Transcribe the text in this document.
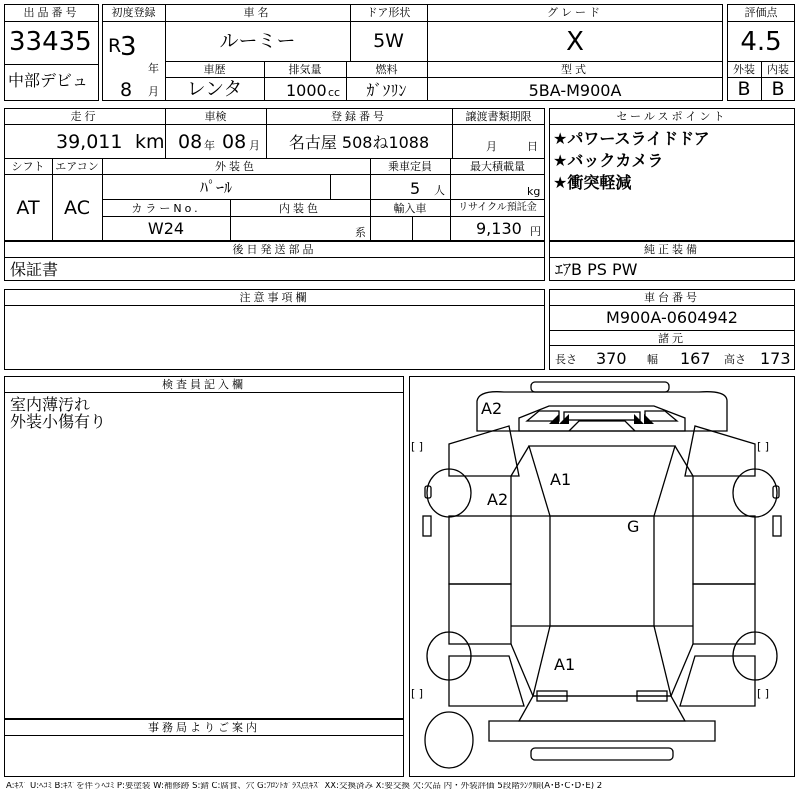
出品番号
33435
中部デビュ
初度登録
R
3
年
8 月
車名
ルーミー
ドア形状
5W
グレード
X
車歴
レンタ
排気量
1000 cc
燃料
ｶﾞｿﾘﾝ
型式
5BA-M900A
評価点
4.5
外装	内装
B	B
走行
39,011 km
車検
08 年 08 月
登録番号
名古屋 508ね1088
譲渡書類期限
月	日
シフト
AT
エアコン
AC
外装色
ﾊﾟｰﾙ
乗車定員
5 人
最大積載量
kg
カラーNo.
W24
内装色
系
輸入車	リサイクル預託金
9,130 円
セールスポイント
★パワースライドドア
★バックカメラ
★衝突軽減
後日発送部品
保証書
純正装備
ｴｱB PS PW
注意事項欄	車台番号
M900A-0604942
諸元
長さ 370 幅 167 高さ 173
検査員記入欄
室内薄汚れ
外装小傷有り
事務局よりご案内
A2
A2
A1
G
A1
[ ]	[ ]
[ ]	[ ]
A:ｷｽﾞ U:ﾍｺﾐ B:ｷｽﾞを伴うﾍｺﾐ P:要塗装 W:補修跡 S:錆 C:腐食、穴 G:ﾌﾛﾝﾄｶﾞﾗｽ点ｷｽﾞ XX:交換済み X:要交換 欠:欠品 内・外装評価 5段階ﾗﾝｸ順(A･B･C･D･E) 2
